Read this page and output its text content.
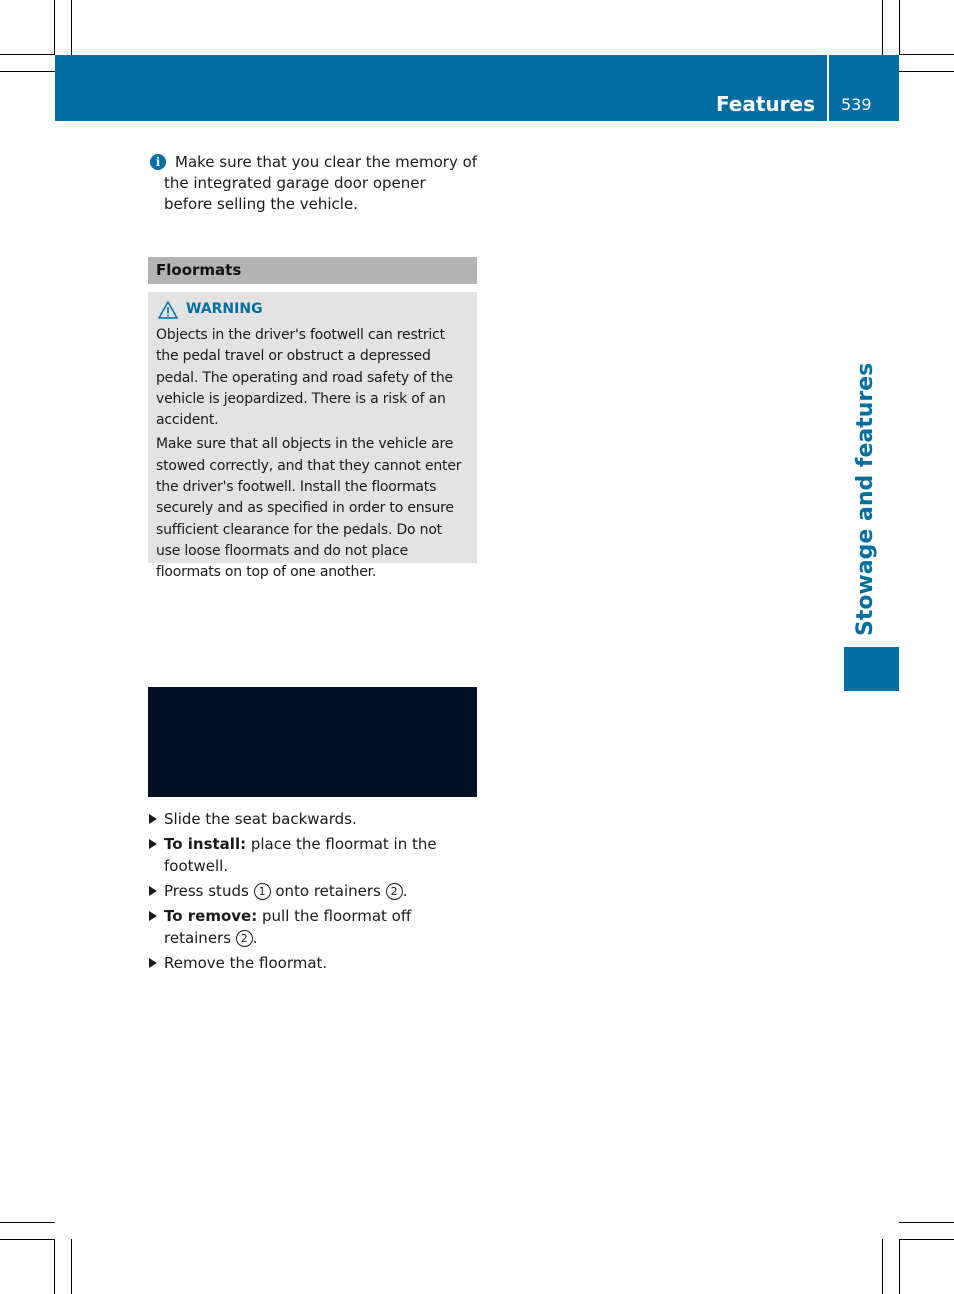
Features 539
Stowage and features
i Make sure that you clear the memory of the integrated garage door opener before selling the vehicle.
Floormats
WARNING

Objects in the driver's footwell can restrict the pedal travel or obstruct a depressed pedal. The operating and road safety of the vehicle is jeopardized. There is a risk of an accident.

Make sure that all objects in the vehicle are stowed correctly, and that they cannot enter the driver's footwell. Install the floormats securely and as specified in order to ensure sufficient clearance for the pedals. Do not use loose floormats and do not place floormats on top of one another.

Slide the seat backwards.
To install: place the floormat in the footwell.
Press studs 1 onto retainers 2 .
To remove: pull the floormat off retainers 2 .
Remove the floormat.
